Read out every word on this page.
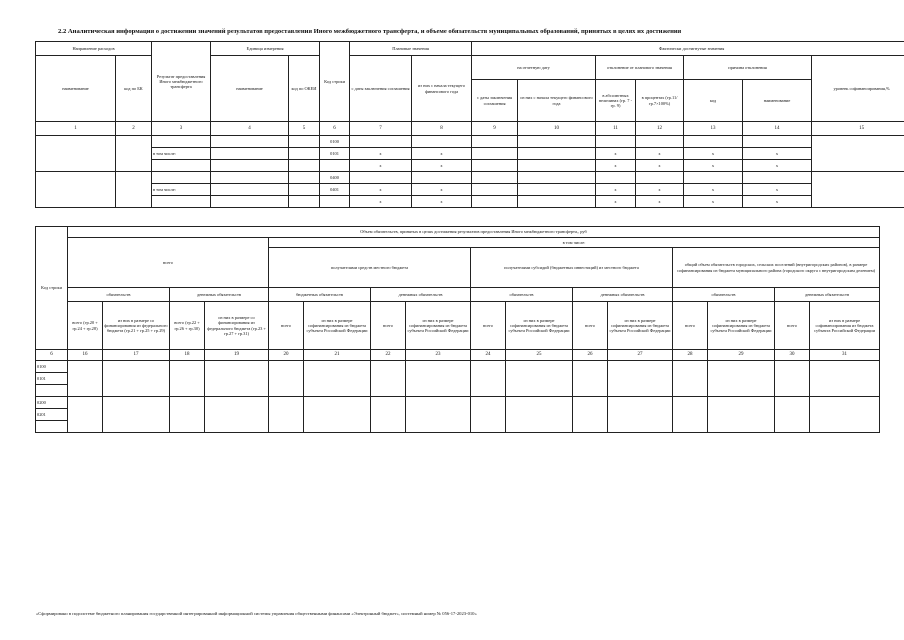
2.2 Аналитическая информация о достижении значений результатов предоставления Иного межбюджетного трансферта, и объеме обязательств муниципальных образований, принятых в целях их достижения
Направление расходов		Результат предоставления Иного межбюджетного трансферта	Единица измерения		Код строки	Плановые значения		Фактически достигнутые значения						
наименование	код по БК		наименование	код по ОКЕИ		с даты заключения соглашения	из них с начала текущего финансового года	на отчетную дату		отклонение от планового значения		причина отклонения		уровень софинансирования,%
								с даты заключения соглашения	из них с начала текущего финансового года	в абсолютных величинах (гр. 7 - гр. 9)	в процентах (гр.11/гр.7×100%)	код	наименование	
1	2	3	4	5	6	7	8	9	10	11	12	13	14	15
					0100									
		в том числе:			0101	x	x			x	x	x	x	
						x	x			x	x	x	x	
					0400									
		в том числе:			0401	x	x			x	x	x	x	
						x	x			x	x	x	x	
Код строки	Объем обязательств, принятых в целях достижения результатов предоставления Иного межбюджетного трансферта,, руб															
	всего				в том числе:											
					получателями средств местного бюджета				получателями субсидий (бюджетных инвестиций) из местного бюджета				общий объем обязательств городских, сельских поселений (внутригородских районов), в размере софинансирования из бюджета муниципального района (городского округа с внутригородским делением)			
	обязательств		денежных обязательств		бюджетных обязательств		денежных обязательств		обязательств		денежных обязательств		обязательств		денежных обязательств	
	всего (гр.20 + гр.24 + гр.28)	из них в размере со финансирования из федерального бюджета (гр.21 + гр.25 + гр.29)	всего (гр.22 + гр.26 + гр.30)	из них в размере со финансирования из федерального бюджета (гр.23 + гр.27 + гр.31)	всего	из них в размере софинансирования из бюджета субъекта Российской Федерации	всего	из них в размере софинансирования из бюджета субъекта Российской Федерации	всего	из них в размере софинансирования из бюджета субъекта Российской Федерации	всего	из них в размере софинансирования из бюджета субъекта Российской Федерации	всего	из них в размере софинансирования из бюджета субъекта Российской Федерации	всего	из них в размере софинансирования из бюджета субъекта Российской Федерации
6	16	17	18	19	20	21	22	23	24	25	26	27	28	29	30	31
0100																
0101																

0200																
0201																

«Сформировано в подсистеме бюджетного планирования государственной интегрированной информационной системы управления общественными финансами «Электронный бюджет», системный номер № 056-17-2023-010»
